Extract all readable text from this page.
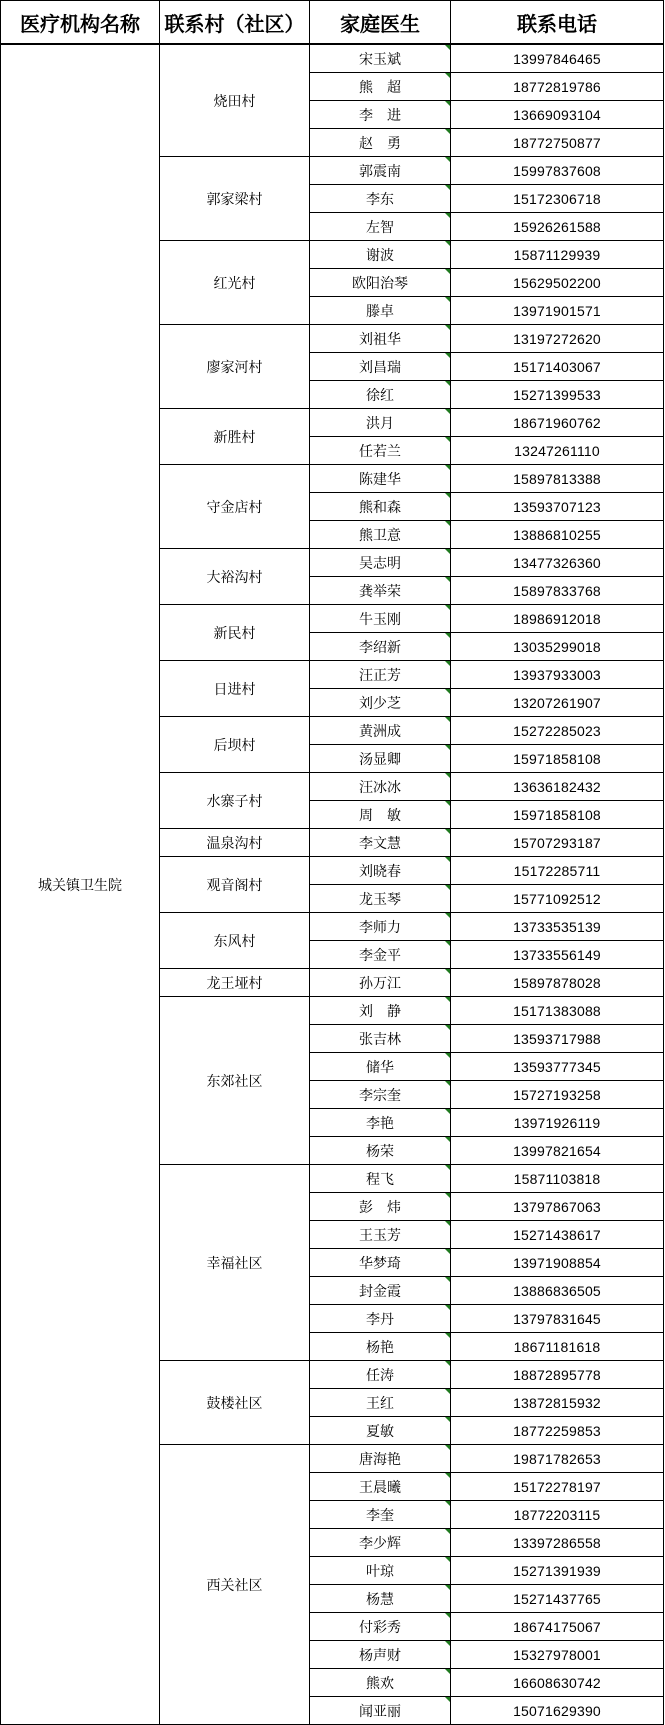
医疗机构名称	联系村（社区）	家庭医生	联系电话
城关镇卫生院	烧田村	宋玉斌	13997846465
		熊　超	18772819786
		李　进	13669093104
		赵　勇	18772750877
	郭家梁村	郭震南	15997837608
		李东	15172306718
		左智	15926261588
	红光村	谢波	15871129939
		欧阳治琴	15629502200
		滕卓	13971901571
	廖家河村	刘祖华	13197272620
		刘昌瑞	15171403067
		徐红	15271399533
	新胜村	洪月	18671960762
		任若兰	13247261110
	守金店村	陈建华	15897813388
		熊和森	13593707123
		熊卫意	13886810255
	大裕沟村	吴志明	13477326360
		龚举荣	15897833768
	新民村	牛玉刚	18986912018
		李绍新	13035299018
	日进村	汪正芳	13937933003
		刘少芝	13207261907
	后坝村	黄洲成	15272285023
		汤显卿	15971858108
	水寨子村	汪冰冰	13636182432
		周　敏	15971858108
	温泉沟村	李文慧	15707293187
	观音阁村	刘晓春	15172285711
		龙玉琴	15771092512
	东风村	李师力	13733535139
		李金平	13733556149
	龙王垭村	孙万江	15897878028
	东郊社区	刘　静	15171383088
		张吉林	13593717988
		储华	13593777345
		李宗奎	15727193258
		李艳	13971926119
		杨荣	13997821654
	幸福社区	程飞	15871103818
		彭　炜	13797867063
		王玉芳	15271438617
		华梦琦	13971908854
		封金霞	13886836505
		李丹	13797831645
		杨艳	18671181618
	鼓楼社区	任涛	18872895778
		王红	13872815932
		夏敏	18772259853
	西关社区	唐海艳	19871782653
		王晨曦	15172278197
		李奎	18772203115
		李少辉	13397286558
		叶琼	15271391939
		杨慧	15271437765
		付彩秀	18674175067
		杨声财	15327978001
		熊欢	16608630742
		闻亚丽	15071629390
